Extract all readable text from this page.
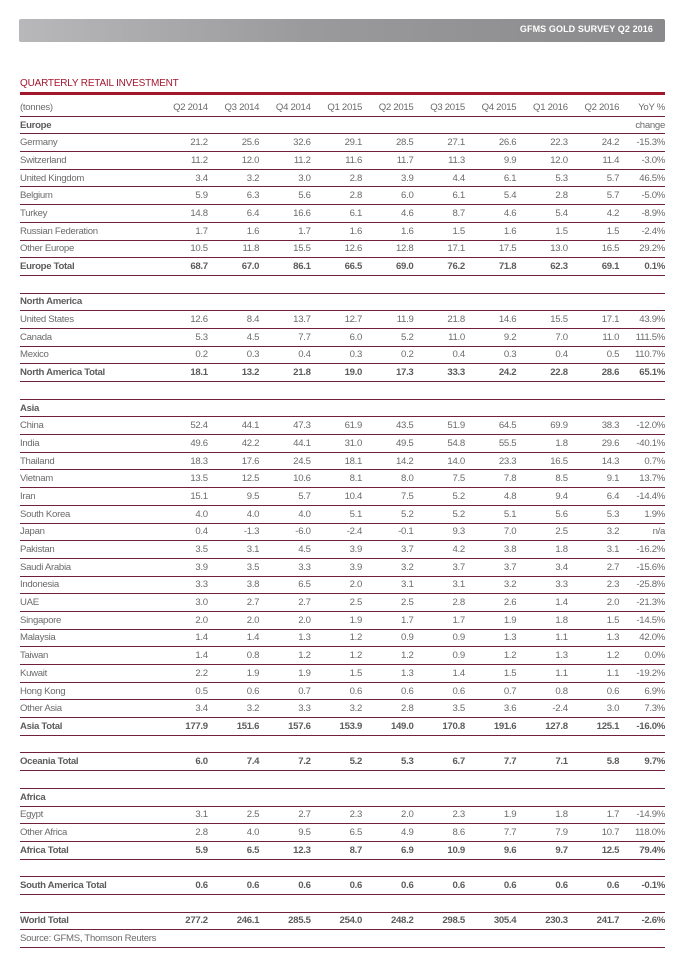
GFMS GOLD SURVEY Q2 2016
QUARTERLY RETAIL INVESTMENT
(tonnes)	Q2 2014	Q3 2014	Q4 2014	Q1 2015	Q2 2015	Q3 2015	Q4 2015	Q1 2016	Q2 2016	YoY %
Europe										change
Germany	21.2	25.6	32.6	29.1	28.5	27.1	26.6	22.3	24.2	-15.3%
Switzerland	11.2	12.0	11.2	11.6	11.7	11.3	9.9	12.0	11.4	-3.0%
United Kingdom	3.4	3.2	3.0	2.8	3.9	4.4	6.1	5.3	5.7	46.5%
Belgium	5.9	6.3	5.6	2.8	6.0	6.1	5.4	2.8	5.7	-5.0%
Turkey	14.8	6.4	16.6	6.1	4.6	8.7	4.6	5.4	4.2	-8.9%
Russian Federation	1.7	1.6	1.7	1.6	1.6	1.5	1.6	1.5	1.5	-2.4%
Other Europe	10.5	11.8	15.5	12.6	12.8	17.1	17.5	13.0	16.5	29.2%
Europe Total	68.7	67.0	86.1	66.5	69.0	76.2	71.8	62.3	69.1	0.1%

North America										
United States	12.6	8.4	13.7	12.7	11.9	21.8	14.6	15.5	17.1	43.9%
Canada	5.3	4.5	7.7	6.0	5.2	11.0	9.2	7.0	11.0	111.5%
Mexico	0.2	0.3	0.4	0.3	0.2	0.4	0.3	0.4	0.5	110.7%
North America Total	18.1	13.2	21.8	19.0	17.3	33.3	24.2	22.8	28.6	65.1%

Asia										
China	52.4	44.1	47.3	61.9	43.5	51.9	64.5	69.9	38.3	-12.0%
India	49.6	42.2	44.1	31.0	49.5	54.8	55.5	1.8	29.6	-40.1%
Thailand	18.3	17.6	24.5	18.1	14.2	14.0	23.3	16.5	14.3	0.7%
Vietnam	13.5	12.5	10.6	8.1	8.0	7.5	7.8	8.5	9.1	13.7%
Iran	15.1	9.5	5.7	10.4	7.5	5.2	4.8	9.4	6.4	-14.4%
South Korea	4.0	4.0	4.0	5.1	5.2	5.2	5.1	5.6	5.3	1.9%
Japan	0.4	-1.3	-6.0	-2.4	-0.1	9.3	7.0	2.5	3.2	n/a
Pakistan	3.5	3.1	4.5	3.9	3.7	4.2	3.8	1.8	3.1	-16.2%
Saudi Arabia	3.9	3.5	3.3	3.9	3.2	3.7	3.7	3.4	2.7	-15.6%
Indonesia	3.3	3.8	6.5	2.0	3.1	3.1	3.2	3.3	2.3	-25.8%
UAE	3.0	2.7	2.7	2.5	2.5	2.8	2.6	1.4	2.0	-21.3%
Singapore	2.0	2.0	2.0	1.9	1.7	1.7	1.9	1.8	1.5	-14.5%
Malaysia	1.4	1.4	1.3	1.2	0.9	0.9	1.3	1.1	1.3	42.0%
Taiwan	1.4	0.8	1.2	1.2	1.2	0.9	1.2	1.3	1.2	0.0%
Kuwait	2.2	1.9	1.9	1.5	1.3	1.4	1.5	1.1	1.1	-19.2%
Hong Kong	0.5	0.6	0.7	0.6	0.6	0.6	0.7	0.8	0.6	6.9%
Other Asia	3.4	3.2	3.3	3.2	2.8	3.5	3.6	-2.4	3.0	7.3%
Asia Total	177.9	151.6	157.6	153.9	149.0	170.8	191.6	127.8	125.1	-16.0%

Oceania Total	6.0	7.4	7.2	5.2	5.3	6.7	7.7	7.1	5.8	9.7%

Africa										
Egypt	3.1	2.5	2.7	2.3	2.0	2.3	1.9	1.8	1.7	-14.9%
Other Africa	2.8	4.0	9.5	6.5	4.9	8.6	7.7	7.9	10.7	118.0%
Africa Total	5.9	6.5	12.3	8.7	6.9	10.9	9.6	9.7	12.5	79.4%

South America Total	0.6	0.6	0.6	0.6	0.6	0.6	0.6	0.6	0.6	-0.1%

World Total	277.2	246.1	285.5	254.0	248.2	298.5	305.4	230.3	241.7	-2.6%
Source: GFMS, Thomson Reuters										
